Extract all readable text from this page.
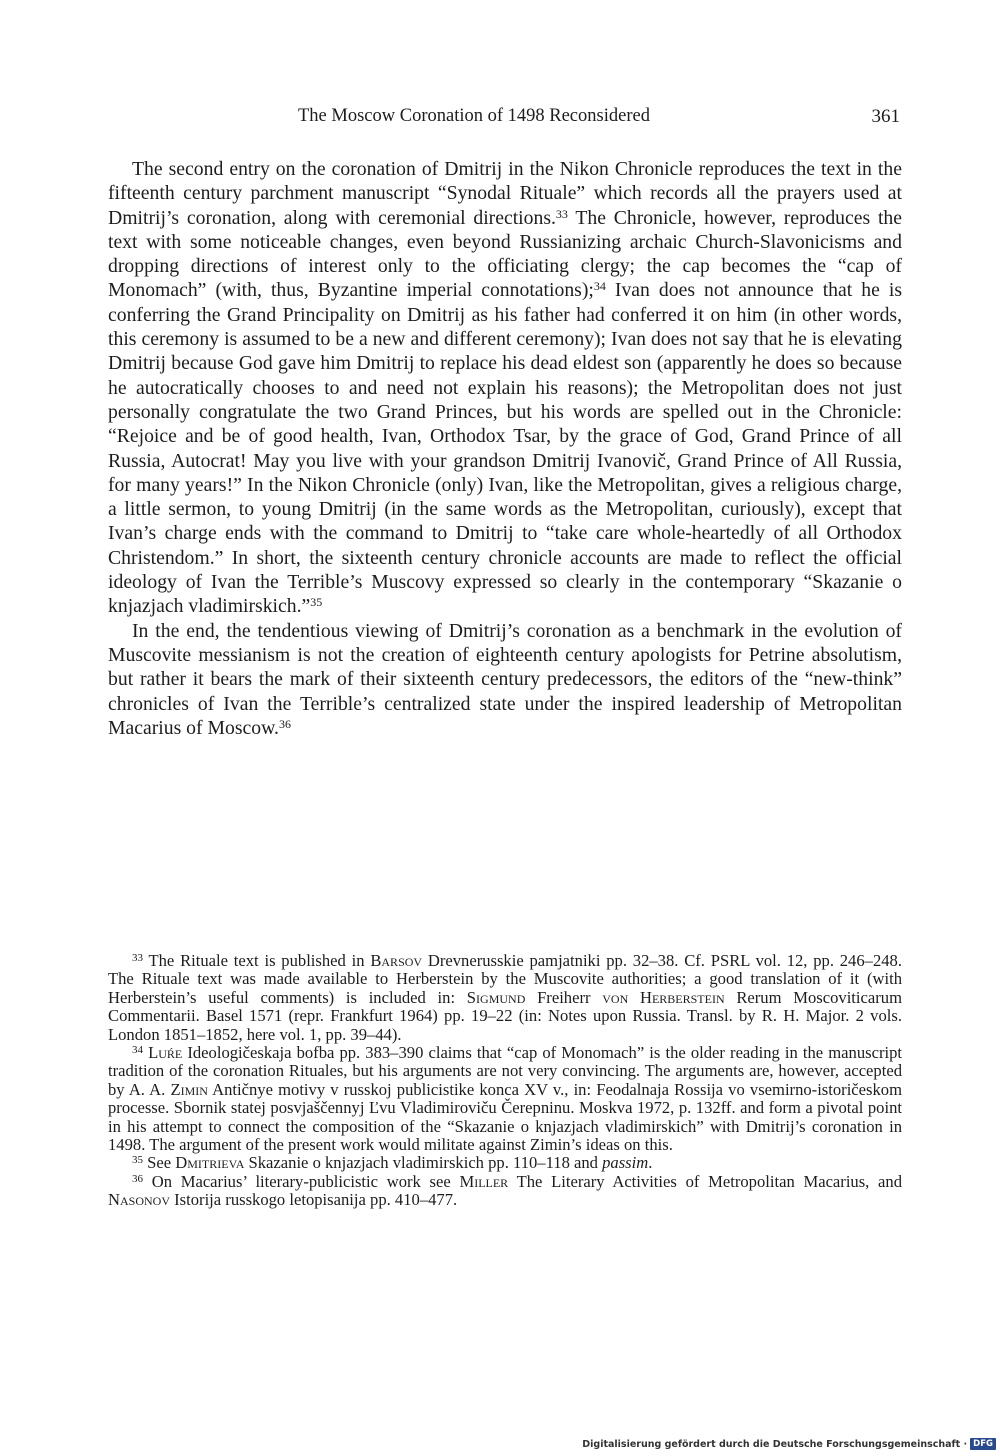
The Moscow Coronation of 1498 Reconsidered	361

The second entry on the coronation of Dmitrij in the Nikon Chronicle reproduces the text in the fifteenth century parchment manuscript “Synodal Rituale” which records all the prayers used at Dmitrij’s coronation, along with ceremonial directions.$^{33}$ The Chronicle, however, reproduces the text with some noticeable changes, even beyond Russianizing archaic Church-Slavonicisms and dropping directions of interest only to the officiating clergy; the cap becomes the “cap of Monomach” (with, thus, Byzantine imperial connotations);$^{34}$ Ivan does not announce that he is conferring the Grand Principality on Dmitrij as his father had conferred it on him (in other words, this ceremony is assumed to be a new and different ceremony); Ivan does not say that he is elevating Dmitrij because God gave him Dmitrij to replace his dead eldest son (apparently he does so because he autocratically chooses to and need not explain his reasons); the Metropolitan does not just personally congratulate the two Grand Princes, but his words are spelled out in the Chronicle: “Rejoice and be of good health, Ivan, Orthodox Tsar, by the grace of God, Grand Prince of all Russia, Autocrat! May you live with your grandson Dmitrij Ivanovič, Grand Prince of All Russia, for many years!” In the Nikon Chronicle (only) Ivan, like the Metropolitan, gives a religious charge, a little sermon, to young Dmitrij (in the same words as the Metropolitan, curiously), except that Ivan’s charge ends with the command to Dmitrij to “take care whole-heartedly of all Orthodox Christendom.” In short, the sixteenth century chronicle accounts are made to reflect the official ideology of Ivan the Terrible’s Muscovy expressed so clearly in the contemporary “Skazanie o knjazjach vladimirskich.”$^{35}$

In the end, the tendentious viewing of Dmitrij’s coronation as a benchmark in the evolution of Muscovite messianism is not the creation of eighteenth century apologists for Petrine absolutism, but rather it bears the mark of their sixteenth century predecessors, the editors of the “new-think” chronicles of Ivan the Terrible’s centralized state under the inspired leadership of Metropolitan Macarius of Moscow.$^{36}$

$^{33}$ The Rituale text is published in Barsov Drevnerusskie pamjatniki pp. 32–38. Cf. PSRL vol. 12, pp. 246–248. The Rituale text was made available to Herberstein by the Muscovite authorities; a good translation of it (with Herberstein’s useful comments) is included in: Sigmund Freiherr von Herberstein Rerum Moscoviticarum Commentarii. Basel 1571 (repr. Frankfurt 1964) pp. 19–22 (in: Notes upon Russia. Transl. by R. H. Major. 2 vols. London 1851–1852, here vol. 1, pp. 39–44).

$^{34}$ Luŕe Ideologičeskaja bofba pp. 383–390 claims that “cap of Monomach” is the older reading in the manuscript tradition of the coronation Rituales, but his arguments are not very convincing. The arguments are, however, accepted by A. A. Zimin Antičnye motivy v russkoj publicistike konca XV v., in: Feodalnaja Rossija vo vsemirno-istoričeskom processe. Sbornik statej posvjaščennyj Ľvu Vladimiroviču Čerepninu. Moskva 1972, p. 132ff. and form a pivotal point in his attempt to connect the composition of the “Skazanie o knjazjach vladimirskich” with Dmitrij’s coronation in 1498. The argument of the present work would militate against Zimin’s ideas on this.

$^{35}$ See Dmitrieva Skazanie o knjazjach vladimirskich pp. 110–118 and passim.

$^{36}$ On Macarius’ literary-publicistic work see Miller The Literary Activities of Metropolitan Macarius, and Nasonov Istorija russkogo letopisanija pp. 410–477.

Digitalisierung gefördert durch die Deutsche Forschungsgemeinschaft · DFG
